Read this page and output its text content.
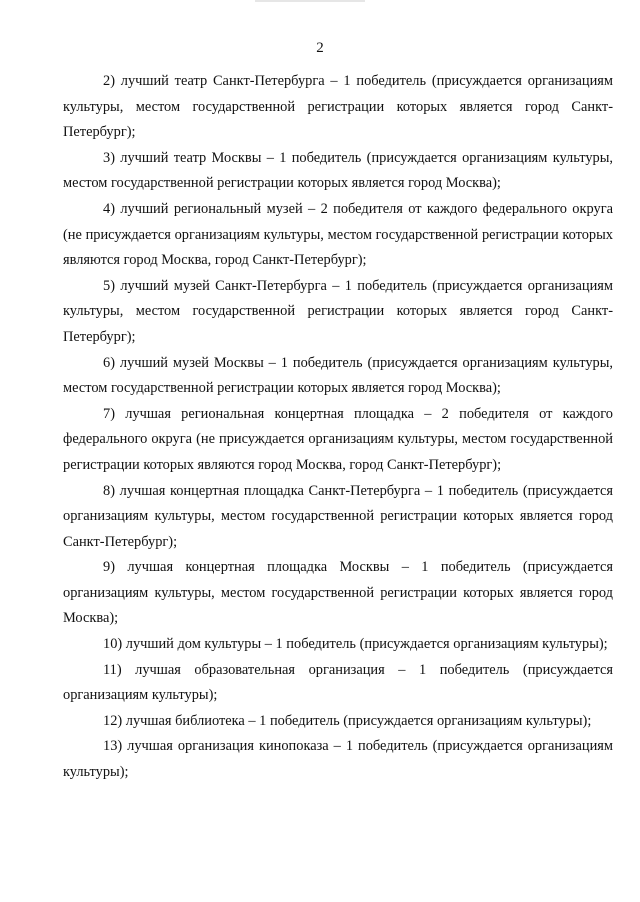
2

2) лучший театр Санкт-Петербурга – 1 победитель (присуждается организациям культуры, местом государственной регистрации которых является город Санкт-Петербург);

3) лучший театр Москвы – 1 победитель (присуждается организациям культуры, местом государственной регистрации которых является город Москва);

4) лучший региональный музей – 2 победителя от каждого федерального округа (не присуждается организациям культуры, местом государственной регистрации которых являются город Москва, город Санкт-Петербург);

5) лучший музей Санкт-Петербурга – 1 победитель (присуждается организациям культуры, местом государственной регистрации которых является город Санкт-Петербург);

6) лучший музей Москвы – 1 победитель (присуждается организациям культуры, местом государственной регистрации которых является город Москва);

7) лучшая региональная концертная площадка – 2 победителя от каждого федерального округа (не присуждается организациям культуры, местом государственной регистрации которых являются город Москва, город Санкт-Петербург);

8) лучшая концертная площадка Санкт-Петербурга – 1 победитель (присуждается организациям культуры, местом государственной регистрации которых является город Санкт-Петербург);

9) лучшая концертная площадка Москвы – 1 победитель (присуждается организациям культуры, местом государственной регистрации которых является город Москва);

10) лучший дом культуры – 1 победитель (присуждается организациям культуры);

11) лучшая образовательная организация – 1 победитель (присуждается организациям культуры);

12) лучшая библиотека – 1 победитель (присуждается организациям культуры);

13) лучшая организация кинопоказа – 1 победитель (присуждается организациям культуры);
